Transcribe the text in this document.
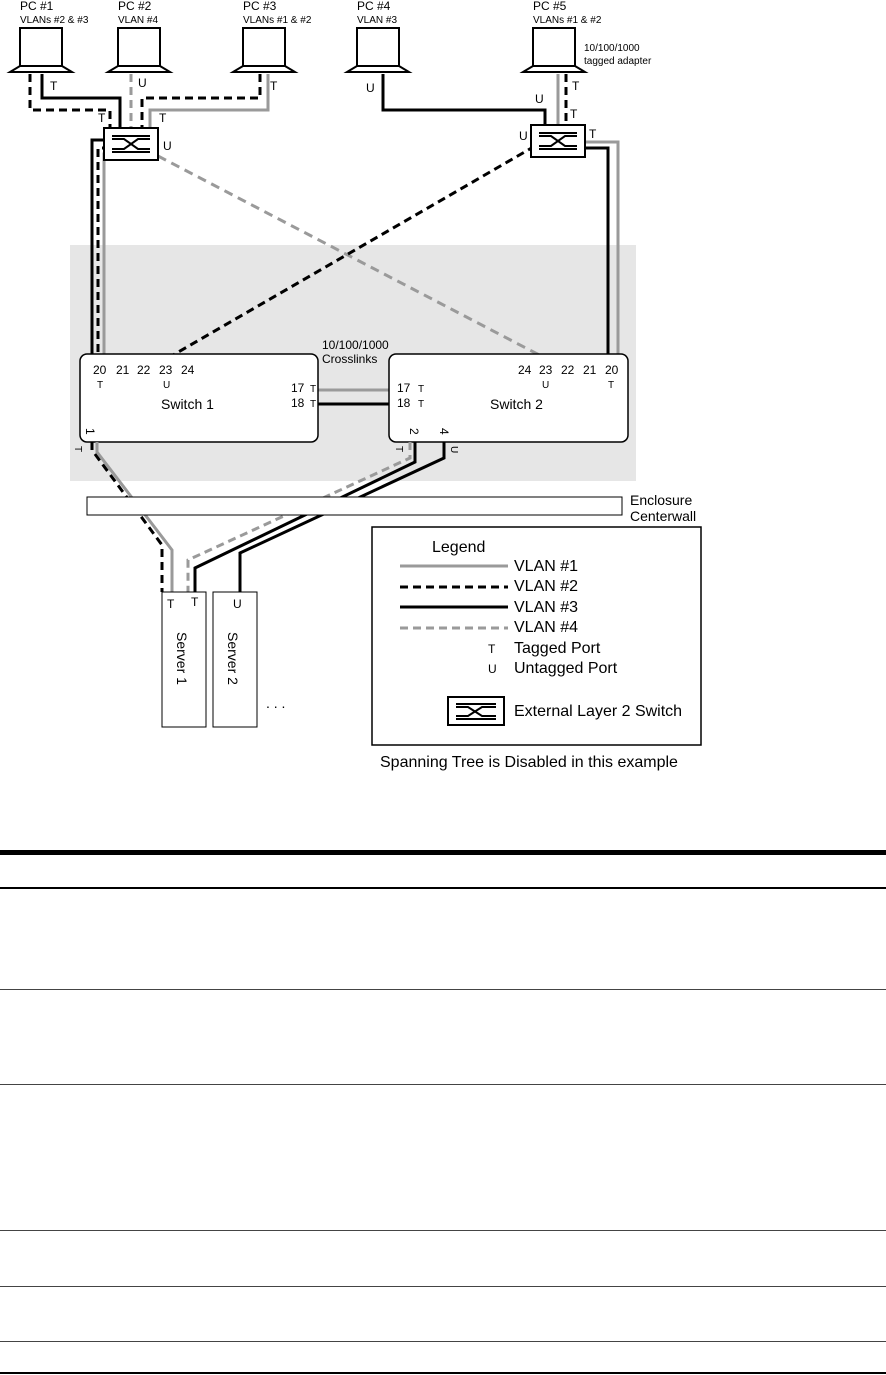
PC #1
VLANs #2 & #3
PC #2
VLAN #4
PC #3
VLANs #1 & #2
PC #4
VLAN #3
PC #5
VLANs #1 & #2
10/100/1000
tagged adapter
T
T
U
T
U
T	U
U
U
T
T
T
10/100/1000
Crosslinks
20 21 22 23 24
T	U
Switch 1
17
18
T
T
1
T
24 23 22 21 20
U	T
Switch 2
17
18
T
T
2 4
T	U
Enclosure
Centerwall
T T
Server 1
U
Server 2
. . .
Legend
VLAN #1
VLAN #2
VLAN #3
VLAN #4
T Tagged Port
U Untagged Port
External Layer 2 Switch
Spanning Tree is Disabled in this example
